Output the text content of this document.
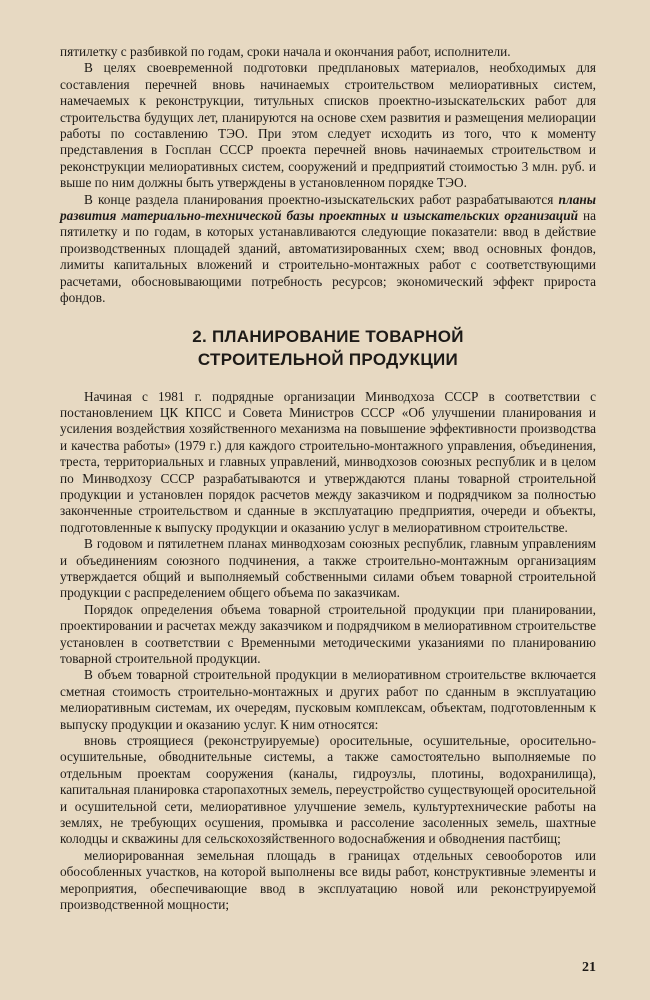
пятилетку с разбивкой по годам, сроки начала и окончания работ, исполнители.

В целях своевременной подготовки предплановых материалов, необходимых для составления перечней вновь начинаемых строительством мелиоративных систем, намечаемых к реконструкции, титульных списков проектно-изыскательских работ для строительства будущих лет, планируются на основе схем развития и размещения мелиорации работы по составлению ТЭО. При этом следует исходить из того, что к моменту представления в Госплан СССР проекта перечней вновь начинаемых строительством и реконструкции мелиоративных систем, сооружений и предприятий стоимостью 3 млн. руб. и выше по ним должны быть утверждены в установленном порядке ТЭО.

В конце раздела планирования проектно-изыскательских работ разрабатываются планы развития материально-технической базы проектных и изыскательских организаций на пятилетку и по годам, в которых устанавливаются следующие показатели: ввод в действие производственных площадей зданий, автоматизированных схем; ввод основных фондов, лимиты капитальных вложений и строительно-монтажных работ с соответствующими расчетами, обосновывающими потребность ресурсов; экономический эффект прироста фондов.

2. ПЛАНИРОВАНИЕ ТОВАРНОЙ
СТРОИТЕЛЬНОЙ ПРОДУКЦИИ

Начиная с 1981 г. подрядные организации Минводхоза СССР в соответствии с постановлением ЦК КПСС и Совета Министров СССР «Об улучшении планирования и усиления воздействия хозяйственного механизма на повышение эффективности производства и качества работы» (1979 г.) для каждого строительно-монтажного управления, объединения, треста, территориальных и главных управлений, минводхозов союзных республик и в целом по Минводхозу СССР разрабатываются и утверждаются планы товарной строительной продукции и установлен порядок расчетов между заказчиком и подрядчиком за полностью законченные строительством и сданные в эксплуатацию предприятия, очереди и объекты, подготовленные к выпуску продукции и оказанию услуг в мелиоративном строительстве.

В годовом и пятилетнем планах минводхозам союзных республик, главным управлениям и объединениям союзного подчинения, а также строительно-монтажным организациям утверждается общий и выполняемый собственными силами объем товарной строительной продукции с распределением общего объема по заказчикам.

Порядок определения объема товарной строительной продукции при планировании, проектировании и расчетах между заказчиком и подрядчиком в мелиоративном строительстве установлен в соответствии с Временными методическими указаниями по планированию товарной строительной продукции.

В объем товарной строительной продукции в мелиоративном строительстве включается сметная стоимость строительно-монтажных и других работ по сданным в эксплуатацию мелиоративным системам, их очередям, пусковым комплексам, объектам, подготовленным к выпуску продукции и оказанию услуг. К ним относятся:

вновь строящиеся (реконструируемые) оросительные, осушительные, оросительно-осушительные, обводнительные системы, а также самостоятельно выполняемые по отдельным проектам сооружения (каналы, гидроузлы, плотины, водохранилища), капитальная планировка старопахотных земель, переустройство существующей оросительной и осушительной сети, мелиоративное улучшение земель, культуртехнические работы на землях, не требующих осушения, промывка и рассоление засоленных земель, шахтные колодцы и скважины для сельскохозяйственного водоснабжения и обводнения пастбищ;

мелиорированная земельная площадь в границах отдельных севооборотов или обособленных участков, на которой выполнены все виды работ, конструктивные элементы и мероприятия, обеспечивающие ввод в эксплуатацию новой или реконструируемой производственной мощности;

21
